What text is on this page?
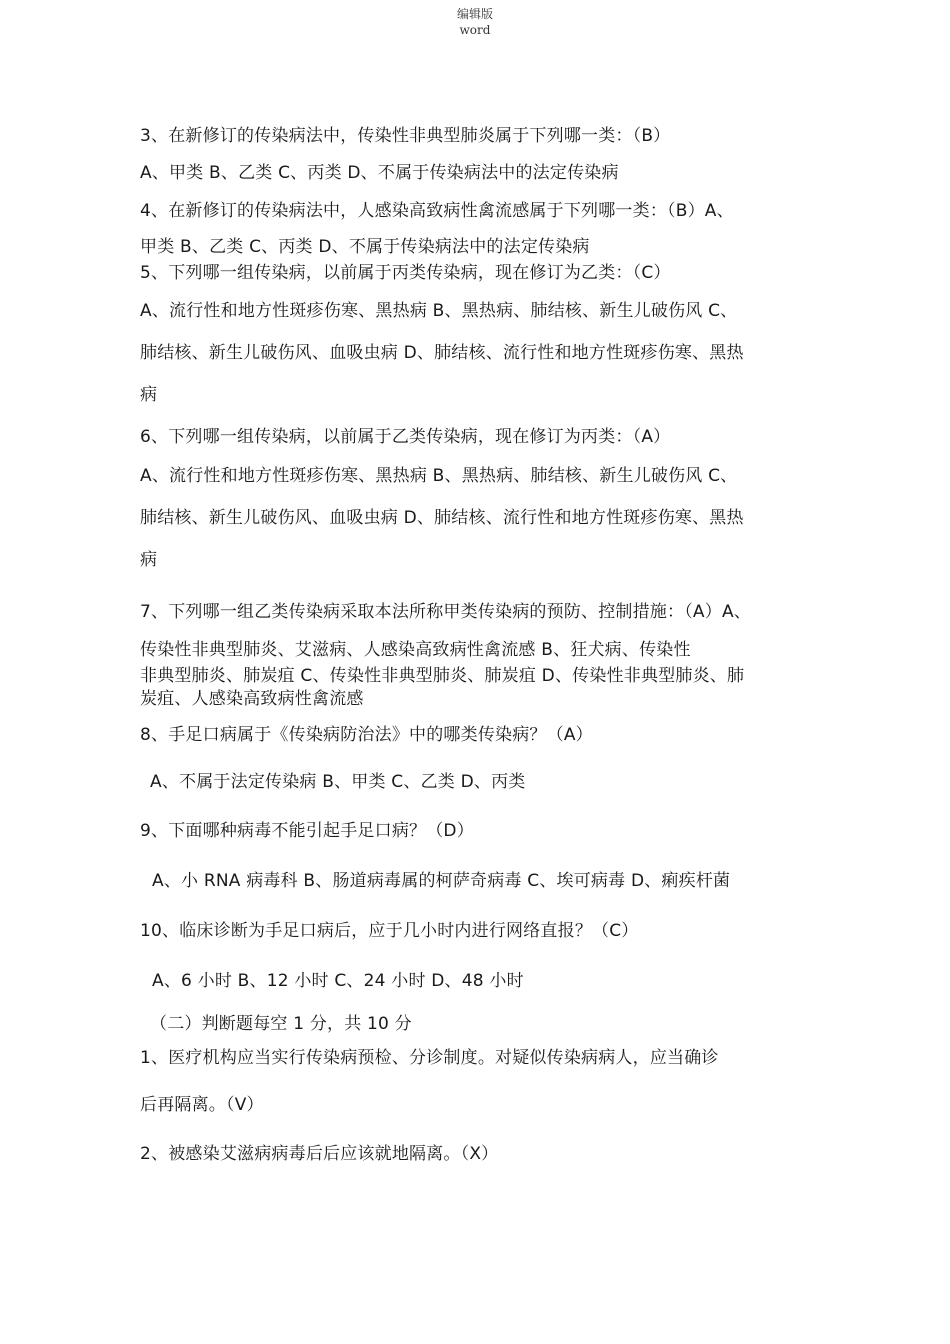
编辑版
word
3、在新修订的传染病法中，传染性非典型肺炎属于下列哪一类：（B）
A、甲类 B、乙类 C、丙类 D、不属于传染病法中的法定传染病
4、在新修订的传染病法中，人感染高致病性禽流感属于下列哪一类：（B）A、
甲类 B、乙类 C、丙类 D、不属于传染病法中的法定传染病
5、下列哪一组传染病，以前属于丙类传染病，现在修订为乙类：（C）
A、流行性和地方性斑疹伤寒、黑热病 B、黑热病、肺结核、新生儿破伤风 C、
肺结核、新生儿破伤风、血吸虫病 D、肺结核、流行性和地方性斑疹伤寒、黑热
病
6、下列哪一组传染病，以前属于乙类传染病，现在修订为丙类：（A）
A、流行性和地方性斑疹伤寒、黑热病 B、黑热病、肺结核、新生儿破伤风 C、
肺结核、新生儿破伤风、血吸虫病 D、肺结核、流行性和地方性斑疹伤寒、黑热
病
7、下列哪一组乙类传染病采取本法所称甲类传染病的预防、控制措施：（A）A、
传染性非典型肺炎、艾滋病、人感染高致病性禽流感 B、狂犬病、传染性
非典型肺炎、肺炭疽 C、传染性非典型肺炎、肺炭疽 D、传染性非典型肺炎、肺
炭疽、人感染高致病性禽流感
8、手足口病属于《传染病防治法》中的哪类传染病？（A）
A、不属于法定传染病 B、甲类 C、乙类 D、丙类
9、下面哪种病毒不能引起手足口病？（D）
A、小 RNA 病毒科 B、肠道病毒属的柯萨奇病毒 C、埃可病毒 D、痢疾杆菌
10、临床诊断为手足口病后，应于几小时内进行网络直报？（C）
A、6 小时 B、12 小时 C、24 小时 D、48 小时
（二）判断题每空 1 分，共 10 分
1、医疗机构应当实行传染病预检、分诊制度。对疑似传染病病人，应当确诊
后再隔离。（V）
2、被感染艾滋病病毒后后应该就地隔离。（X）
